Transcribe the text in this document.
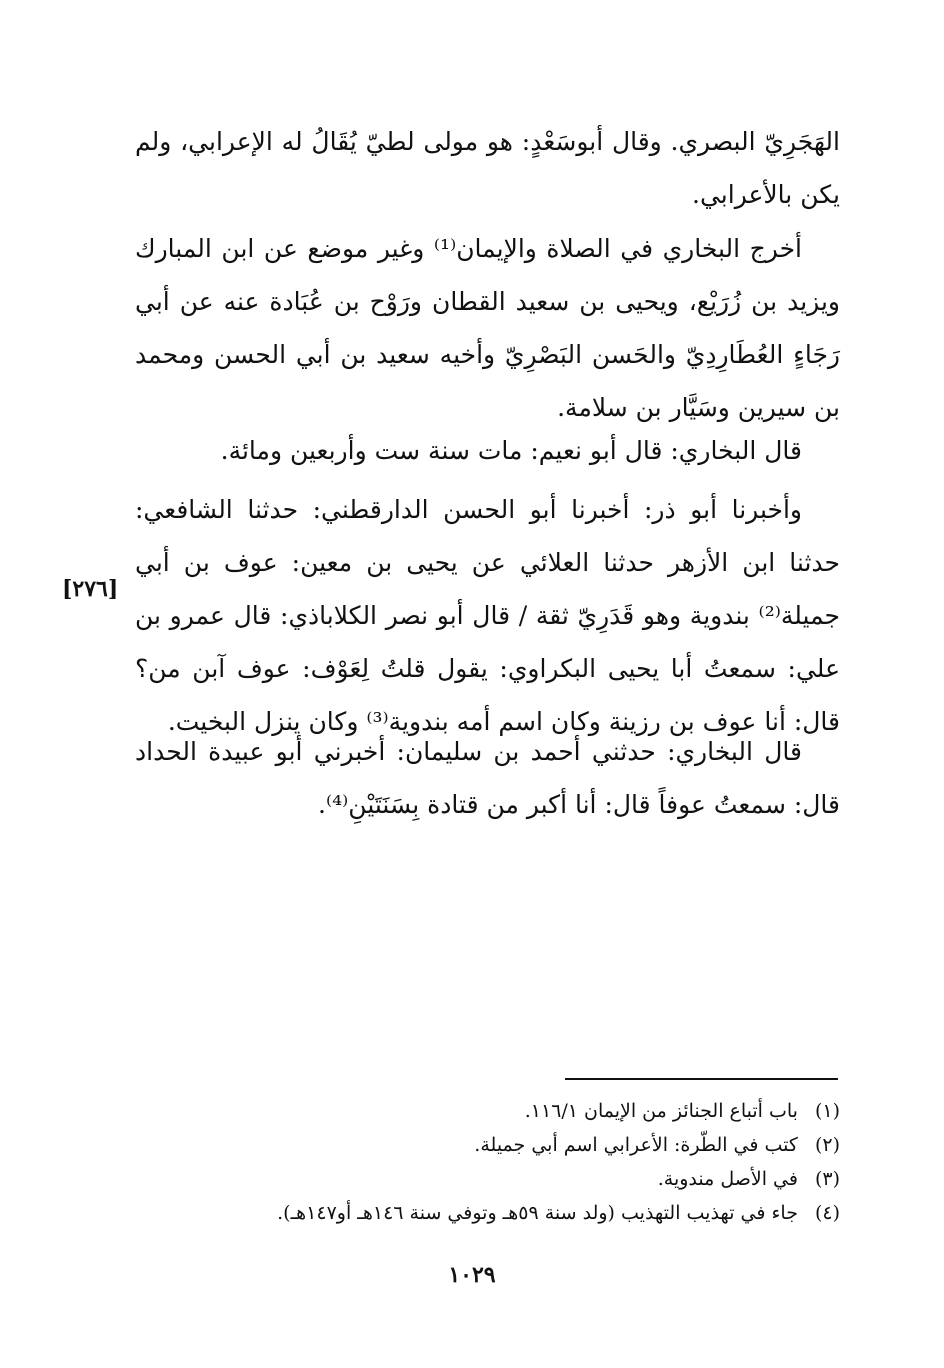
الهَجَرِيّ البصري. وقال أبوسَعْدٍ: هو مولى لطيّ يُقَالُ له الإعرابي، ولم يكن بالأعرابي.

أخرج البخاري في الصلاة والإيمان⁽¹⁾ وغير موضع عن ابن المبارك ويزيد بن زُرَيْع، ويحيى بن سعيد القطان ورَوْح بن عُبَادة عنه عن أبي رَجَاءٍ العُطَارِدِيّ والحَسن البَصْرِيّ وأخيه سعيد بن أبي الحسن ومحمد بن سيرين وسَيَّار بن سلامة.

قال البخاري: قال أبو نعيم: مات سنة ست وأربعين ومائة.

وأخبرنا أبو ذر: أخبرنا أبو الحسن الدارقطني: حدثنا الشافعي: حدثنا ابن الأزهر حدثنا العلائي عن يحيى بن معين: عوف بن أبي جميلة⁽²⁾ بندوية وهو قَدَرِيّ ثقة / قال أبو نصر الكلاباذي: قال عمرو بن علي: سمعتُ أبا يحيى البكراوي: يقول قلتُ لِعَوْف: عوف آبن من؟ قال: أنا عوف بن رزينة وكان اسم أمه بندوية⁽³⁾ وكان ينزل البخيت.

قال البخاري: حدثني أحمد بن سليمان: أخبرني أبو عبيدة الحداد قال: سمعتُ عوفاً قال: أنا أكبر من قتادة بِسَنَتَيْنِ⁽⁴⁾.

[٢٧٦]
(١) باب أتباع الجنائز من الإيمان ١١٦/١.
(٢) كتب في الطّرة: الأعرابي اسم أبي جميلة.
(٣) في الأصل مندوية.
(٤) جاء في تهذيب التهذيب (ولد سنة ٥٩هـ وتوفي سنة ١٤٦هـ أو١٤٧هـ).
١٠٢٩
